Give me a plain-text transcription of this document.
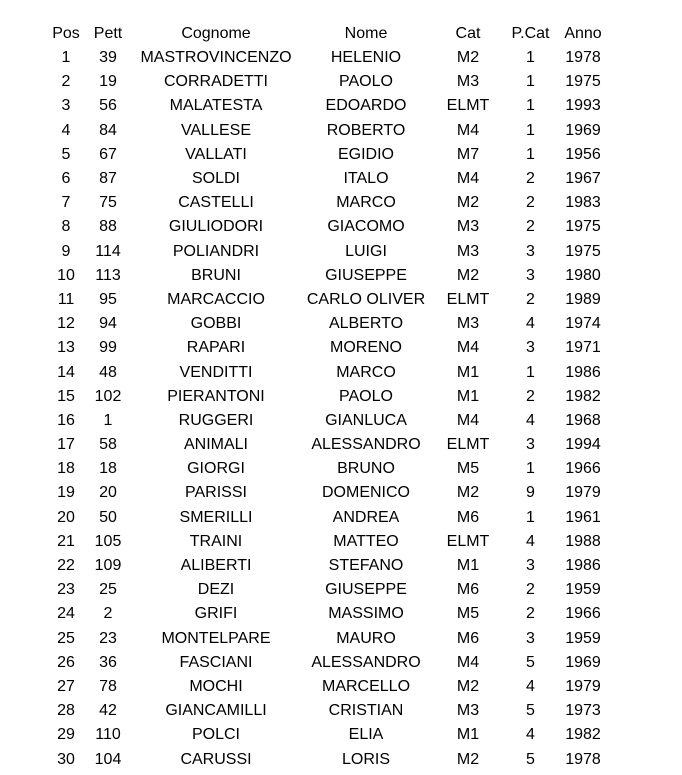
Pos	Pett	Cognome	Nome	Cat	P.Cat	Anno
1	39	MASTROVINCENZO	HELENIO	M2	1	1978
2	19	CORRADETTI	PAOLO	M3	1	1975
3	56	MALATESTA	EDOARDO	ELMT	1	1993
4	84	VALLESE	ROBERTO	M4	1	1969
5	67	VALLATI	EGIDIO	M7	1	1956
6	87	SOLDI	ITALO	M4	2	1967
7	75	CASTELLI	MARCO	M2	2	1983
8	88	GIULIODORI	GIACOMO	M3	2	1975
9	114	POLIANDRI	LUIGI	M3	3	1975
10	113	BRUNI	GIUSEPPE	M2	3	1980
11	95	MARCACCIO	CARLO OLIVER	ELMT	2	1989
12	94	GOBBI	ALBERTO	M3	4	1974
13	99	RAPARI	MORENO	M4	3	1971
14	48	VENDITTI	MARCO	M1	1	1986
15	102	PIERANTONI	PAOLO	M1	2	1982
16	1	RUGGERI	GIANLUCA	M4	4	1968
17	58	ANIMALI	ALESSANDRO	ELMT	3	1994
18	18	GIORGI	BRUNO	M5	1	1966
19	20	PARISSI	DOMENICO	M2	9	1979
20	50	SMERILLI	ANDREA	M6	1	1961
21	105	TRAINI	MATTEO	ELMT	4	1988
22	109	ALIBERTI	STEFANO	M1	3	1986
23	25	DEZI	GIUSEPPE	M6	2	1959
24	2	GRIFI	MASSIMO	M5	2	1966
25	23	MONTELPARE	MAURO	M6	3	1959
26	36	FASCIANI	ALESSANDRO	M4	5	1969
27	78	MOCHI	MARCELLO	M2	4	1979
28	42	GIANCAMILLI	CRISTIAN	M3	5	1973
29	110	POLCI	ELIA	M1	4	1982
30	104	CARUSSI	LORIS	M2	5	1978
